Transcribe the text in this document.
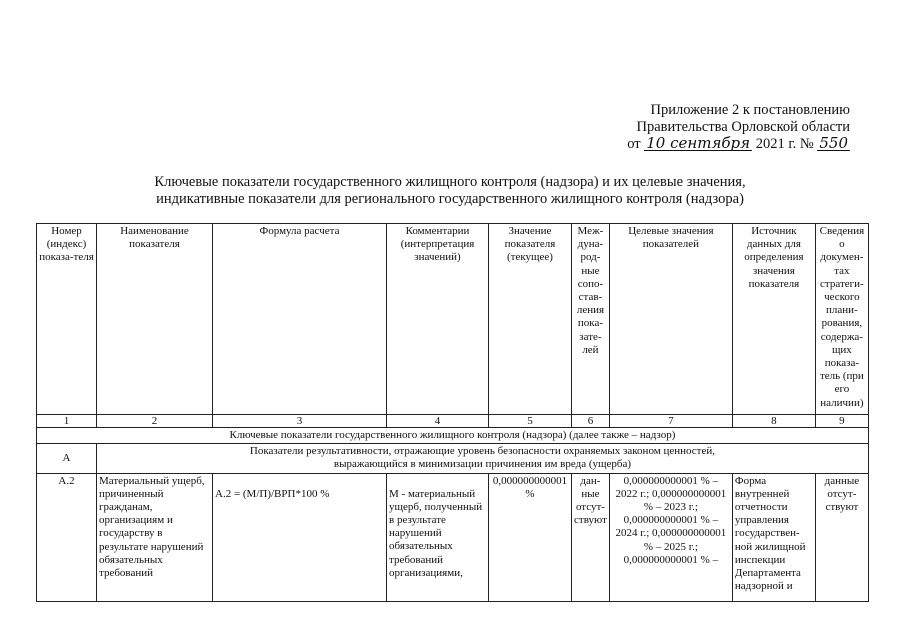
Приложение 2 к постановлению
Правительства Орловской области
от 10 сентября 2021 г. № 550
Ключевые показатели государственного жилищного контроля (надзора) и их целевые значения,
индикативные показатели для регионального государственного жилищного контроля (надзора)
Номер (индекс) показа-теля	Наименование показателя	Формула расчета	Комментарии (интерпретация значений)	Значение показателя (текущее)	Меж-дуна-род-ные сопо-став-ления пока-зате-лей	Целевые значения показателей	Источник данных для определения значения показателя	Сведения о докумен-тах стратеги-ческого плани-рования, содержа-щих показа-тель (при его наличии)
1	2	3	4	5	6	7	8	9
Ключевые показатели государственного жилищного контроля (надзора) (далее также – надзор)								
А	Показатели результативности, отражающие уровень безопасности охраняемых законом ценностей,
выражающийся в минимизации причинения им вреда (ущерба)							

А.2	Материальный ущерб, причиненный гражданам, организациям и государству в результате нарушений обязательных требований	А.2 = (М/П)/ВРП*100 %	М - материальный ущерб, полученный в результате нарушений обязательных требований организациями,	0,000000000001 %	дан-ные отсут-ствуют	0,000000000001 % – 2022 г.; 0,000000000001 % – 2023 г.; 0,000000000001 % – 2024 г.; 0,000000000001 % – 2025 г.; 0,000000000001 % –	Форма внутренней отчетности управления государствен-ной жилищной инспекции Департамента надзорной и	данные отсут-ствуют
